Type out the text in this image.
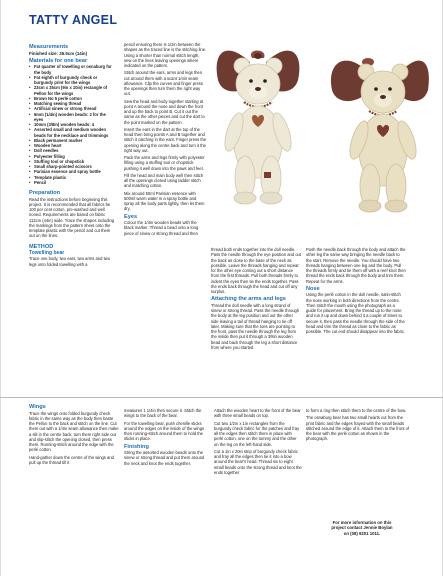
TATTY ANGEL
Measurements

Finished size: 35.5cm (14in)

Materials for one bear
• Fat quarter of towelling or osnaburg for the body
• Fat eighth of burgundy check or burgundy print for the wings
• 23cm x 25cm (9in x 10in) rectangle of Pellon for the wings
• Brown No 5 perlé cotton
• Matching sewing thread
• Artificial sinew or strong thread
• 6mm (1/4in) wooden beads: 2 for the eyes
• 10mm (3/8in) wooden beads: 4
• Assorted small and medium wooden beads for the necklace and trimmings
• Black permanent marker
• Wooden heart
• Doll needles
• Polyester filling
• Stuffing tool or chopstick
• Small sharp-pointed scissors
• Parisian essence and spray bottle
• Template plastic
• Pencil
Preparation

Read the instructions before beginning this project. It is recommended that all fabrics be 100 per cent cotton, pre-washed and well ironed. Requirements are based on fabric 112cm (44in) wide. Trace the shapes including the markings from the pattern sheet onto the template plastic with the pencil and cut them out on the lines.

METHOD
Towelling bear

Trace one body, two ears, two arms and two legs onto folded towelling with a

pencil ensuring there is 1/2in between the shapes as the traced line is the stitching line. Using a shorter than normal stitch length, sew on the lines leaving openings where indicated on the pattern.

Stitch around the ears, arms and legs then cut around them with a scant 1/4in seam allowance. Clip the curves and finger press the openings then turn them the right way out.

Sew the head and body together starting at point A around the nose and down the front and up the back to point B. Cut it out the same as the other pieces and cut the dart to the point marked on the pattern.

Insert the ears in the dart at the top of the head then bring points A and B together and stitch it catching in the ears. Finger press the opening along the centre back and turn it the right way out.

Pack the arms and legs firmly with polyester filling using a stuffing tool or chopstick pushing it well down into the paws and feet.

Fill the head and main body well then stitch all the openings closed using ladder stitch and matching cotton.

Mix around 50ml Parisian essence with 500ml warm water in a spray bottle and spray all the body parts lightly, then let them dry.

Eyes

Colour the 1/4in wooden beads with the black marker. Thread a bead onto a long piece of sinew or strong thread and then

thread both ends together into the doll needle. Pass the needle through the eye position and out the back as close to the base of the neck as possible. Leave the threads hanging and repeat for the other eye coming out a short distance from the first threads. Pull both threads firmly to indent the eyes then tie the ends together. Pass the ends back through the head and cut off any surplus.

Attaching the arms and legs

Thread the doll needle with a long strand of sinew or strong thread. Pass the needle through the body at the leg position and out the other side leaving a tail of thread hanging to tie off later. Making sure that the toes are pointing to the front, pass the needle through the leg from the inside then put it through a 3/8in wooden bead and back through the leg a short distance from where you started.

Push the needle back through the body and attach the other leg the same way bringing the needle back to the start. Remove the needle. You should have two threads hanging between one leg and the body. Pull the threads firmly and tie them off with a reef knot then thread the ends back through the body and trim them. Repeat for the arms.

Nose

Using the perlé cotton in the doll needle, satin-stitch the nose working in both directions from the centre. Then stitch the mouth using the photograph as a guide for placement. Bring the thread up to the nose and run it up and down behind it a couple of times to secure it, then pass the needle through the side of the head and trim the thread as close to the fabric as possible. The cut end should disappear into the fabric.

Wings

Trace the wings onto folded burgundy check fabric in the same way as the body then baste the Pellon to the back and stitch on the line. Cut them out with a 1/4in seam allowance then make a slit in the centre back, turn them right side out and slip-stitch the opening closed, then press them. Running-stitch around the edge with the perlé cotton.

Hand-gather down the centre of the wings and pull up the thread till it

measures 1 1/4in then secure it. Stitch the wings to the back of the bear.

For the towelling bear, push chenille sticks around the edges on the inside of the wings then running-stitch around them to hold the sticks in place.

Finishing

String the assorted wooden beads onto the sinew or strong thread and put them around the neck and knot the ends together.

Attach the wooden heart to the front of the bear with three small beads on top.

Cut two 1/2in x 1in rectangles from the burgundy check fabric for the patches and fray all the edges then stitch them in place with perlé cotton, one on the tummy and the other on the leg on the left-hand side.

Cut a 1in x 20in strip of burgundy check fabric and fray all the edges then tie it into a bow around the bear's head. Thread six to eight small beads onto the strong thread and knot the ends together

to form a ring then stitch them to the centre of the bow.

The osnaburg bear has two small hearts cut from the print fabric and the edges frayed with the small beads stitched around the edge of it. Attach them to the front of the bear with the perlé cotton as shown in the photograph.

For more information on this
project contact Jennie Boylan
on (08) 9201 1011.
